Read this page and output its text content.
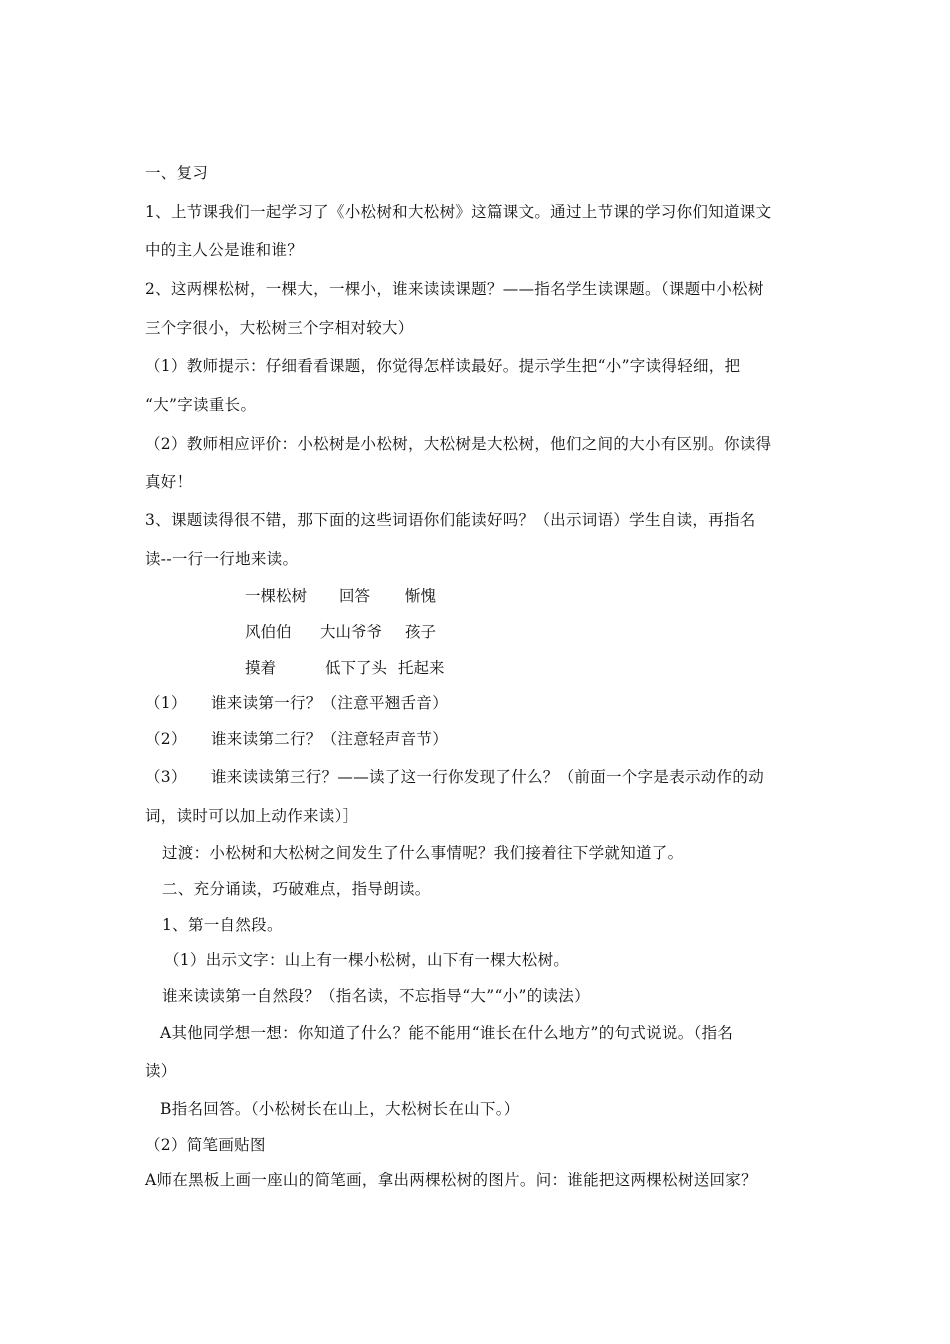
一、复习
1、上节课我们一起学习了《小松树和大松树》这篇课文。通过上节课的学习你们知道课文
中的主人公是谁和谁？
2、这两棵松树，一棵大，一棵小，谁来读读课题？——指名学生读课题。（课题中小松树
三个字很小，大松树三个字相对较大）
（1）教师提示：仔细看看课题，你觉得怎样读最好。提示学生把“小”字读得轻细，把
“大”字读重长。
（2）教师相应评价：小松树是小松树，大松树是大松树，他们之间的大小有区别。你读得
真好！
3、课题读得很不错，那下面的这些词语你们能读好吗？（出示词语）学生自读，再指名
读--一行一行地来读。
一棵松树 回答 惭愧
风伯伯 大山爷爷 孩子
摸着	低下了头 托起来
（1） 谁来读第一行？（注意平翘舌音）
（2） 谁来读第二行？（注意轻声音节）
（3） 谁来读读第三行？——读了这一行你发现了什么？（前面一个字是表示动作的动
词，读时可以加上动作来读）］
过渡：小松树和大松树之间发生了什么事情呢？我们接着往下学就知道了。
二、充分诵读，巧破难点，指导朗读。
1、第一自然段。
（1）出示文字：山上有一棵小松树，山下有一棵大松树。
谁来读读第一自然段？（指名读，不忘指导“大”“小”的读法）
A其他同学想一想：你知道了什么？能不能用“谁长在什么地方”的句式说说。（指名
读）
B指名回答。（小松树长在山上，大松树长在山下。）
（2）简笔画贴图
A师在黑板上画一座山的简笔画，拿出两棵松树的图片。问：谁能把这两棵松树送回家？
